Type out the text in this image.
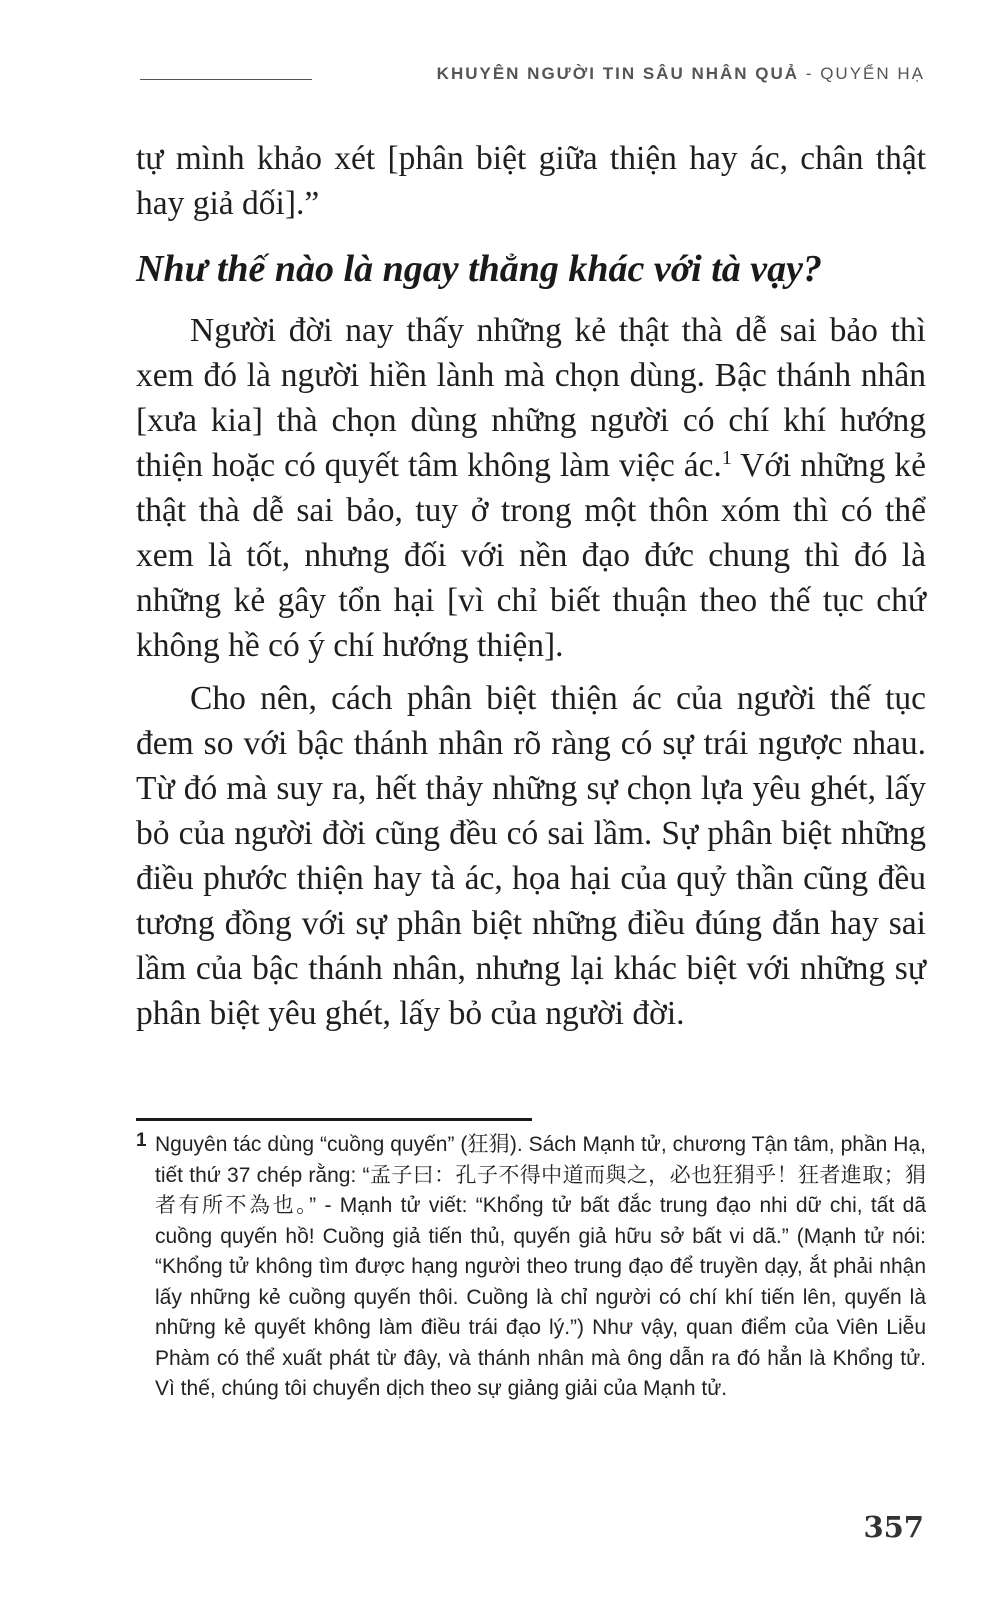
KHUYÊN NGƯỜI TIN SÂU NHÂN QUẢ - QUYỂN HẠ

tự mình khảo xét [phân biệt giữa thiện hay ác, chân thật hay giả dối].”

Như thế nào là ngay thẳng khác với tà vạy?

Người đời nay thấy những kẻ thật thà dễ sai bảo thì xem đó là người hiền lành mà chọn dùng. Bậc thánh nhân [xưa kia] thà chọn dùng những người có chí khí hướng thiện hoặc có quyết tâm không làm việc ác.$^1$ Với những kẻ thật thà dễ sai bảo, tuy ở trong một thôn xóm thì có thể xem là tốt, nhưng đối với nền đạo đức chung thì đó là những kẻ gây tổn hại [vì chỉ biết thuận theo thế tục chứ không hề có ý chí hướng thiện].

Cho nên, cách phân biệt thiện ác của người thế tục đem so với bậc thánh nhân rõ ràng có sự trái ngược nhau. Từ đó mà suy ra, hết thảy những sự chọn lựa yêu ghét, lấy bỏ của người đời cũng đều có sai lầm. Sự phân biệt những điều phước thiện hay tà ác, họa hại của quỷ thần cũng đều tương đồng với sự phân biệt những điều đúng đắn hay sai lầm của bậc thánh nhân, nhưng lại khác biệt với những sự phân biệt yêu ghét, lấy bỏ của người đời.

1 Nguyên tác dùng “cuồng quyến” (狂狷). Sách Mạnh tử, chương Tận tâm, phần Hạ, tiết thứ 37 chép rằng: “孟子曰：孔子不得中道而與之，必也狂狷乎！狂者進取；狷者有所不為也。” - Mạnh tử viết: “Khổng tử bất đắc trung đạo nhi dữ chi, tất dã cuồng quyến hồ! Cuồng giả tiến thủ, quyến giả hữu sở bất vi dã.” (Mạnh tử nói: “Khổng tử không tìm được hạng người theo trung đạo để truyền dạy, ắt phải nhận lấy những kẻ cuồng quyến thôi. Cuồng là chỉ người có chí khí tiến lên, quyến là những kẻ quyết không làm điều trái đạo lý.”) Như vậy, quan điểm của Viên Liễu Phàm có thể xuất phát từ đây, và thánh nhân mà ông dẫn ra đó hẳn là Khổng tử. Vì thế, chúng tôi chuyển dịch theo sự giảng giải của Mạnh tử.
357
